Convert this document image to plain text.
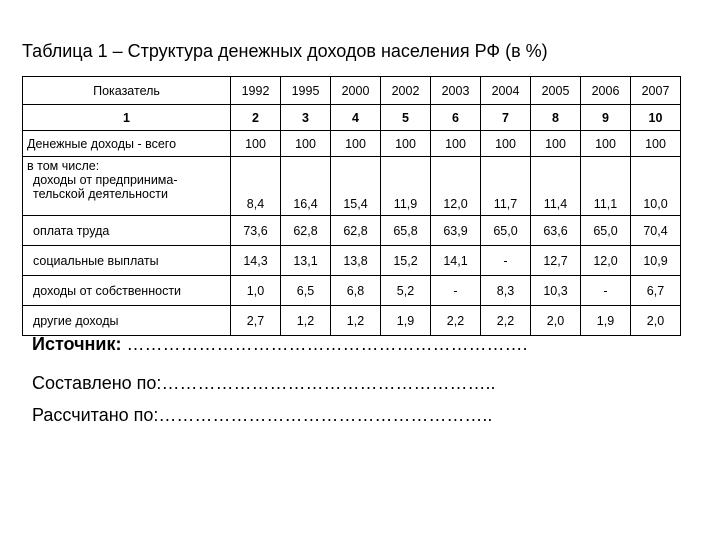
Таблица 1 – Структура денежных доходов населения РФ (в %)
Показатель	1992	1995	2000	2002	2003	2004	2005	2006	2007
1	2	3	4	5	6	7	8	9	10
Денежные доходы - всего	100	100	100	100	100	100	100	100	100

в том числе:
доходы от предпринима-
тельской деятельности	8,4	16,4	15,4	11,9	12,0	11,7	11,4	11,1	10,0
оплата труда	73,6	62,8	62,8	65,8	63,9	65,0	63,6	65,0	70,4
социальные выплаты	14,3	13,1	13,8	15,2	14,1	-	12,7	12,0	10,9
доходы от собственности	1,0	6,5	6,8	5,2	-	8,3	10,3	-	6,7
другие доходы	2,7	1,2	1,2	1,9	2,2	2,2	2,0	1,9	2,0
Источник: ………………………………………………………….
Составлено по:………………………………………………..
Рассчитано по:………………………………………………..
